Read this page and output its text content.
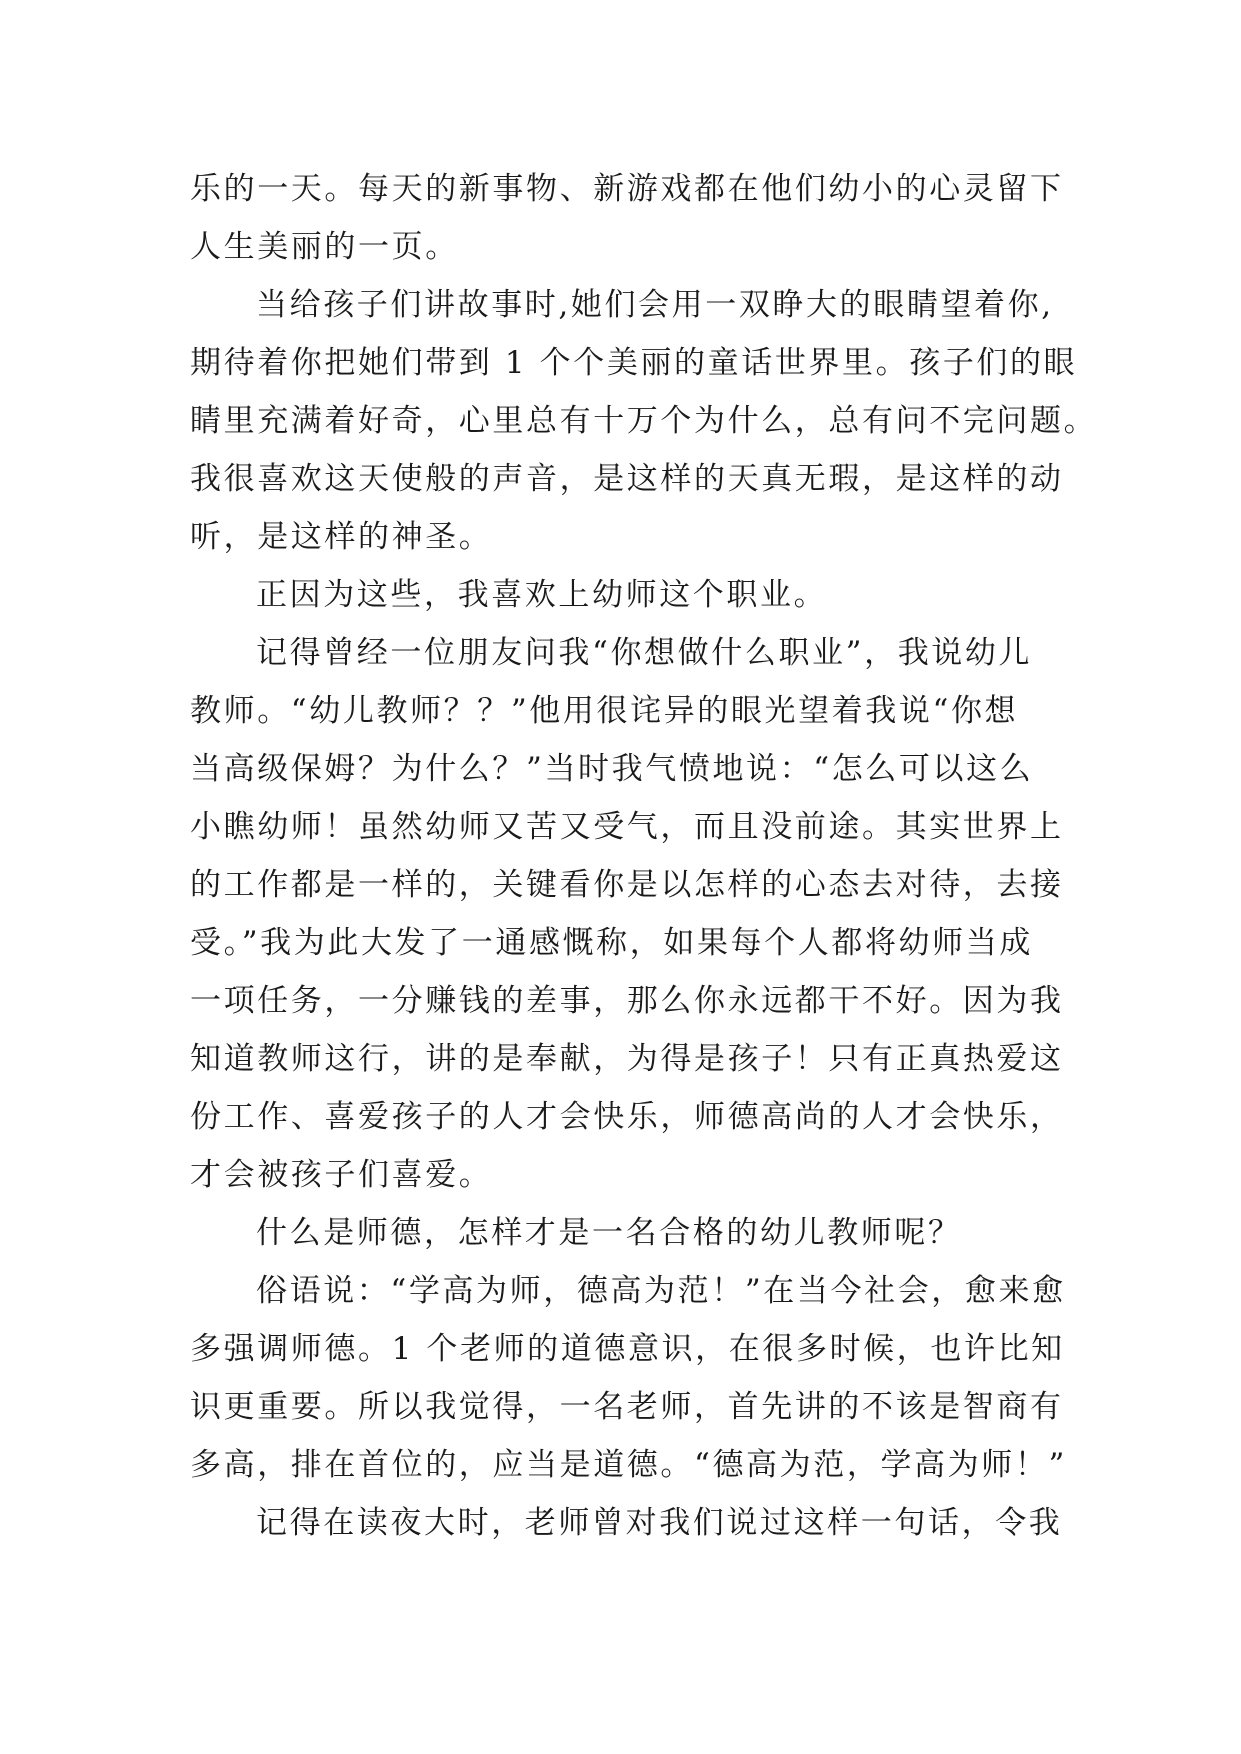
乐的一天。每天的新事物、新游戏都在他们幼小的心灵留下
人生美丽的一页。
当给孩子们讲故事时,她们会用一双睁大的眼睛望着你,
期待着你把她们带到 1 个个美丽的童话世界里。孩子们的眼
睛里充满着好奇，心里总有十万个为什么，总有问不完问题。
我很喜欢这天使般的声音，是这样的天真无瑕，是这样的动
听，是这样的神圣。
正因为这些，我喜欢上幼师这个职业。
记得曾经一位朋友问我“你想做什么职业”，我说幼儿
教师。“幼儿教师？？”他用很诧异的眼光望着我说“你想
当高级保姆？为什么？”当时我气愤地说：“怎么可以这么
小瞧幼师！虽然幼师又苦又受气，而且没前途。其实世界上
的工作都是一样的，关键看你是以怎样的心态去对待，去接
受。”我为此大发了一通感慨称，如果每个人都将幼师当成
一项任务，一分赚钱的差事，那么你永远都干不好。因为我
知道教师这行，讲的是奉献，为得是孩子！只有正真热爱这
份工作、喜爱孩子的人才会快乐，师德高尚的人才会快乐，
才会被孩子们喜爱。
什么是师德，怎样才是一名合格的幼儿教师呢？
俗语说：“学高为师，德高为范！”在当今社会，愈来愈
多强调师德。1 个老师的道德意识，在很多时候，也许比知
识更重要。所以我觉得，一名老师，首先讲的不该是智商有
多高，排在首位的，应当是道德。“德高为范，学高为师！”
记得在读夜大时，老师曾对我们说过这样一句话，令我
